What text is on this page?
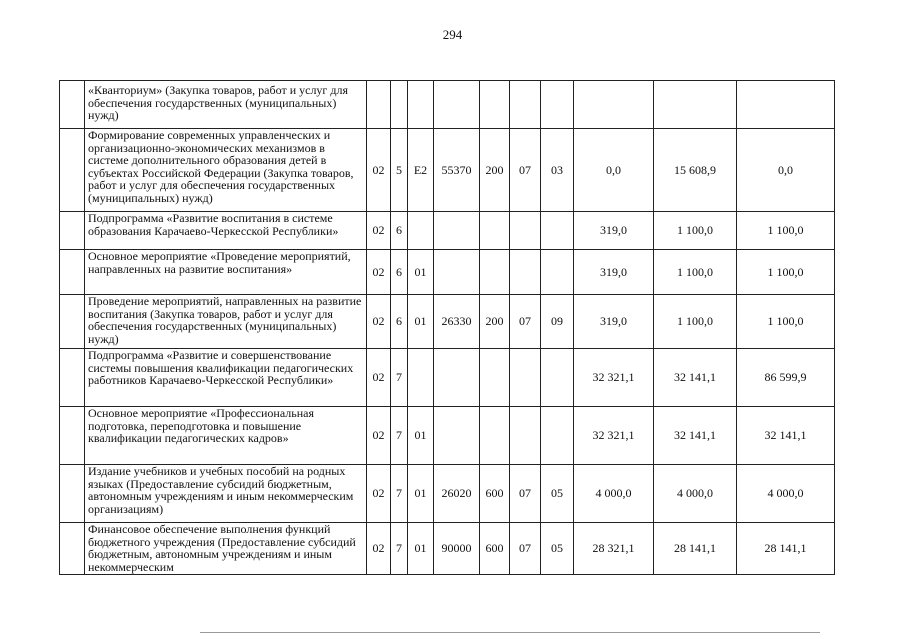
294
	«Кванториум» (Закупка товаров, работ и услуг для обеспечения государственных (муниципальных) нужд)										
	Формирование современных управленческих и организационно-экономических механизмов в системе дополнительного образования детей в субъектах Российской Федерации (Закупка товаров, работ и услуг для обеспечения государственных (муниципальных) нужд)	02	5	Е2	55370	200	07	03	0,0	15 608,9	0,0
	Подпрограмма «Развитие воспитания в системе образования Карачаево-Черкесской Республики»	02	6						319,0	1 100,0	1 100,0
	Основное мероприятие «Проведение мероприятий, направленных на развитие воспитания»	02	6	01					319,0	1 100,0	1 100,0
	Проведение мероприятий, направленных на развитие воспитания (Закупка товаров, работ и услуг для обеспечения государственных (муниципальных) нужд)	02	6	01	26330	200	07	09	319,0	1 100,0	1 100,0
	Подпрограмма «Развитие и совершенствование системы повышения квалификации педагогических работников Карачаево-Черкесской Республики»	02	7						32 321,1	32 141,1	86 599,9
	Основное мероприятие «Профессиональная подготовка, переподготовка и повышение квалификации педагогических кадров»	02	7	01					32 321,1	32 141,1	32 141,1
	Издание учебников и учебных пособий на родных языках (Предоставление субсидий бюджетным, автономным учреждениям и иным некоммерческим организациям)	02	7	01	26020	600	07	05	4 000,0	4 000,0	4 000,0
	Финансовое обеспечение выполнения функций бюджетного учреждения (Предоставление субсидий бюджетным, автономным учреждениям и иным некоммерческим	02	7	01	90000	600	07	05	28 321,1	28 141,1	28 141,1
